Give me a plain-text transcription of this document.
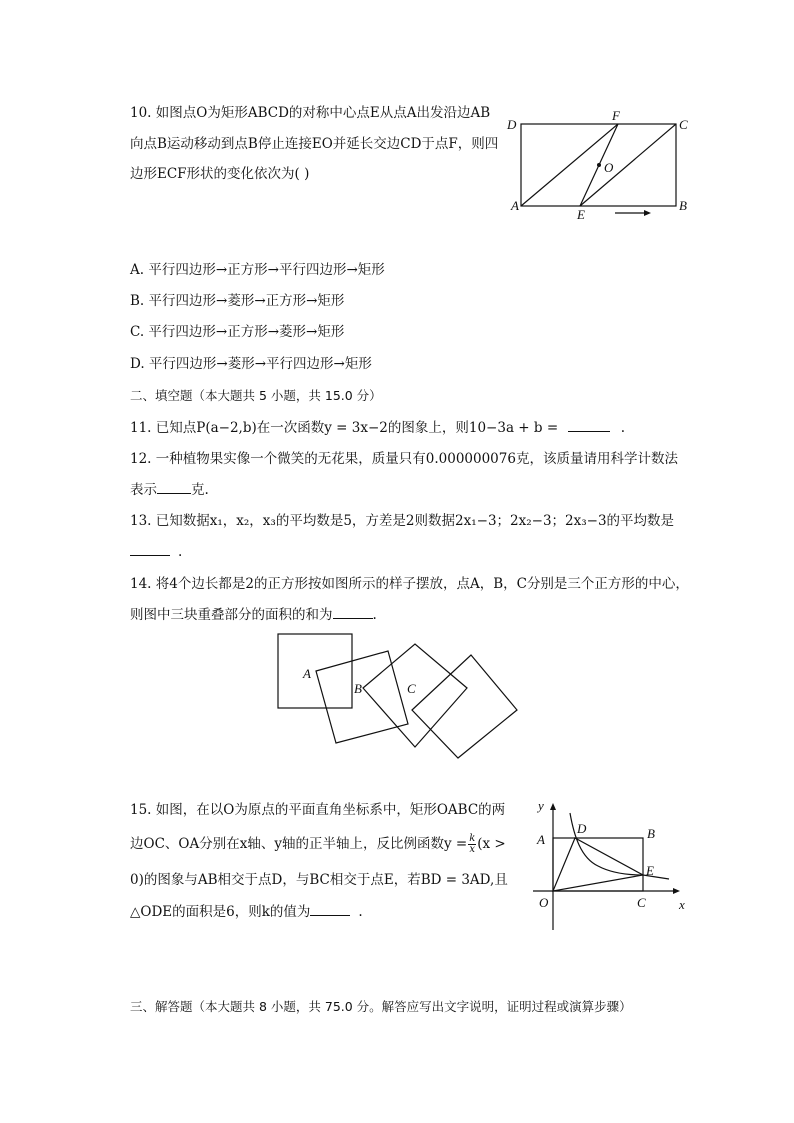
10. 如图点O为矩形ABCD的对称中心点E从点A出发沿边AB
向点B运动移动到点B停止连接EO并延长交边CD于点F，则四
边形ECF形状的变化依次为( )
D
F
C
O
A
E
B
A. 平行四边形→正方形→平行四边形→矩形
B. 平行四边形→菱形→正方形→矩形
C. 平行四边形→正方形→菱形→矩形
D. 平行四边形→菱形→平行四边形→矩形
二、填空题（本大题共 5 小题，共 15.0 分）
11. 已知点P(a−2,b)在一次函数y = 3x−2的图象上，则10−3a + b =	.
12. 一种植物果实像一个微笑的无花果，质量只有0.000000076克，该质量请用科学计数法
表示	克.
13. 已知数据x₁，x₂，x₃的平均数是5，方差是2则数据2x₁−3；2x₂−3；2x₃−3的平均数是
.
14. 将4个边长都是2的正方形按如图所示的样子摆放，点A，B，C分别是三个正方形的中心，
则图中三块重叠部分的面积的和为	.
A
B	C
15. 如图，在以O为原点的平面直角坐标系中，矩形OABC的两
边OC、OA分别在x轴、y轴的正半轴上，反比例函数$y = \frac{k}{x} (x$ >
0)的图象与AB相交于点D，与BC相交于点E，若BD = 3AD,且
△ODE的面积是6，则k的值为	.
y
A
D	B
E
O	C	x
三、解答题（本大题共 8 小题，共 75.0 分。解答应写出文字说明，证明过程或演算步骤）
